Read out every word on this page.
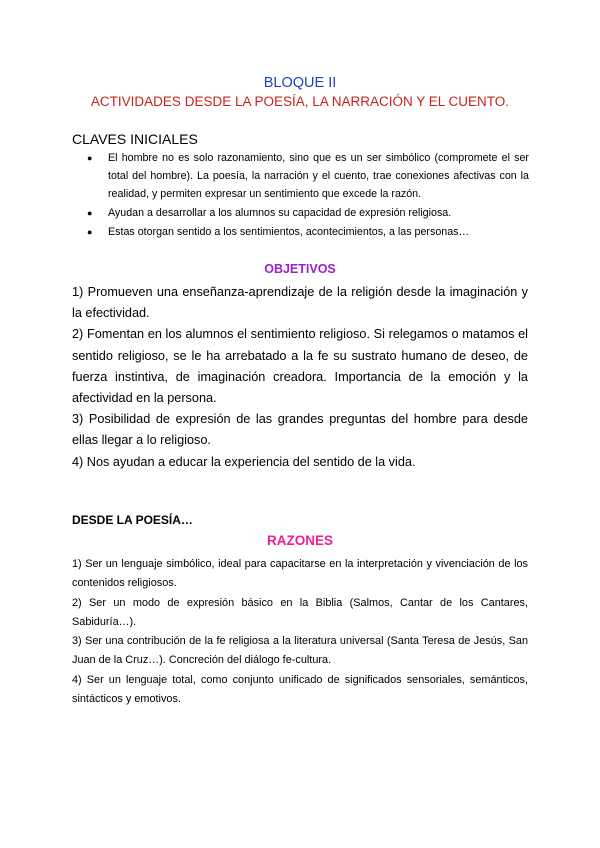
BLOQUE II
ACTIVIDADES DESDE LA POESÍA, LA NARRACIÓN Y EL CUENTO.
CLAVES INICIALES
● El hombre no es solo razonamiento, sino que es un ser simbólico (compromete el ser total del hombre). La poesía, la narración y el cuento, trae conexiones afectivas con la realidad, y permiten expresar un sentimiento que excede la razón.
● Ayudan a desarrollar a los alumnos su capacidad de expresión religiosa.
● Estas otorgan sentido a los sentimientos, acontecimientos, a las personas…
OBJETIVOS

1) Promueven una enseñanza-aprendizaje de la religión desde la imaginación y la efectividad.

2) Fomentan en los alumnos el sentimiento religioso. Si relegamos o matamos el sentido religioso, se le ha arrebatado a la fe su sustrato humano de deseo, de fuerza instintiva, de imaginación creadora. Importancia de la emoción y la afectividad en la persona.

3) Posibilidad de expresión de las grandes preguntas del hombre para desde ellas llegar a lo religioso.

4) Nos ayudan a educar la experiencia del sentido de la vida.

DESDE LA POESÍA…
RAZONES

1) Ser un lenguaje simbólico, ideal para capacitarse en la interpretación y vivenciación de los contenidos religiosos.

2) Ser un modo de expresión básico en la Biblia (Salmos, Cantar de los Cantares, Sabiduría…).

3) Ser una contribución de la fe religiosa a la literatura universal (Santa Teresa de Jesús, San Juan de la Cruz…). Concreción del diálogo fe-cultura.

4) Ser un lenguaje total, como conjunto unificado de significados sensoriales, semánticos, sintácticos y emotivos.
